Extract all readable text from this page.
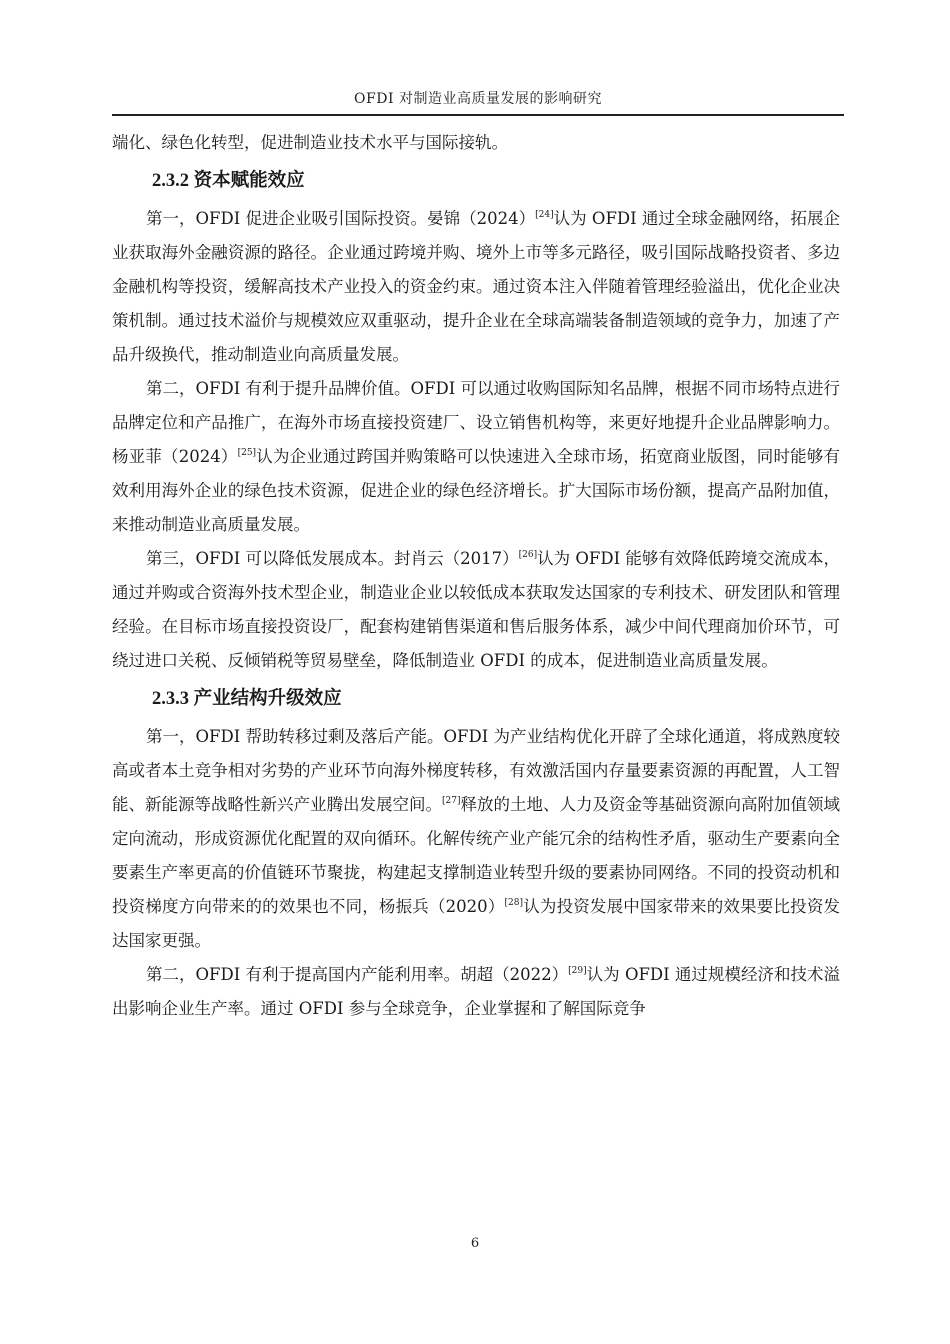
OFDI 对制造业高质量发展的影响研究

端化、绿色化转型，促进制造业技术水平与国际接轨。

2.3.2 资本赋能效应

第一，OFDI 促进企业吸引国际投资。晏锦（2024）[24]认为 OFDI 通过全球金融网络，拓展企业获取海外金融资源的路径。企业通过跨境并购、境外上市等多元路径，吸引国际战略投资者、多边金融机构等投资，缓解高技术产业投入的资金约束。通过资本注入伴随着管理经验溢出，优化企业决策机制。通过技术溢价与规模效应双重驱动，提升企业在全球高端装备制造领域的竞争力，加速了产品升级换代，推动制造业向高质量发展。

第二，OFDI 有利于提升品牌价值。OFDI 可以通过收购国际知名品牌，根据不同市场特点进行品牌定位和产品推广，在海外市场直接投资建厂、设立销售机构等，来更好地提升企业品牌影响力。杨亚菲（2024）[25]认为企业通过跨国并购策略可以快速进入全球市场，拓宽商业版图，同时能够有效利用海外企业的绿色技术资源，促进企业的绿色经济增长。扩大国际市场份额，提高产品附加值，来推动制造业高质量发展。

第三，OFDI 可以降低发展成本。封肖云（2017）[26]认为 OFDI 能够有效降低跨境交流成本，通过并购或合资海外技术型企业，制造业企业以较低成本获取发达国家的专利技术、研发团队和管理经验。在目标市场直接投资设厂，配套构建销售渠道和售后服务体系，减少中间代理商加价环节，可绕过进口关税、反倾销税等贸易壁垒，降低制造业 OFDI 的成本，促进制造业高质量发展。

2.3.3 产业结构升级效应

第一，OFDI 帮助转移过剩及落后产能。OFDI 为产业结构优化开辟了全球化通道，将成熟度较高或者本土竞争相对劣势的产业环节向海外梯度转移，有效激活国内存量要素资源的再配置，人工智能、新能源等战略性新兴产业腾出发展空间。[27]释放的土地、人力及资金等基础资源向高附加值领域定向流动，形成资源优化配置的双向循环。化解传统产业产能冗余的结构性矛盾，驱动生产要素向全要素生产率更高的价值链环节聚拢，构建起支撑制造业转型升级的要素协同网络。不同的投资动机和投资梯度方向带来的的效果也不同，杨振兵（2020）[28]认为投资发展中国家带来的效果要比投资发达国家更强。

第二，OFDI 有利于提高国内产能利用率。胡超（2022）[29]认为 OFDI 通过规模经济和技术溢出影响企业生产率。通过 OFDI 参与全球竞争，企业掌握和了解国际竞争

6
